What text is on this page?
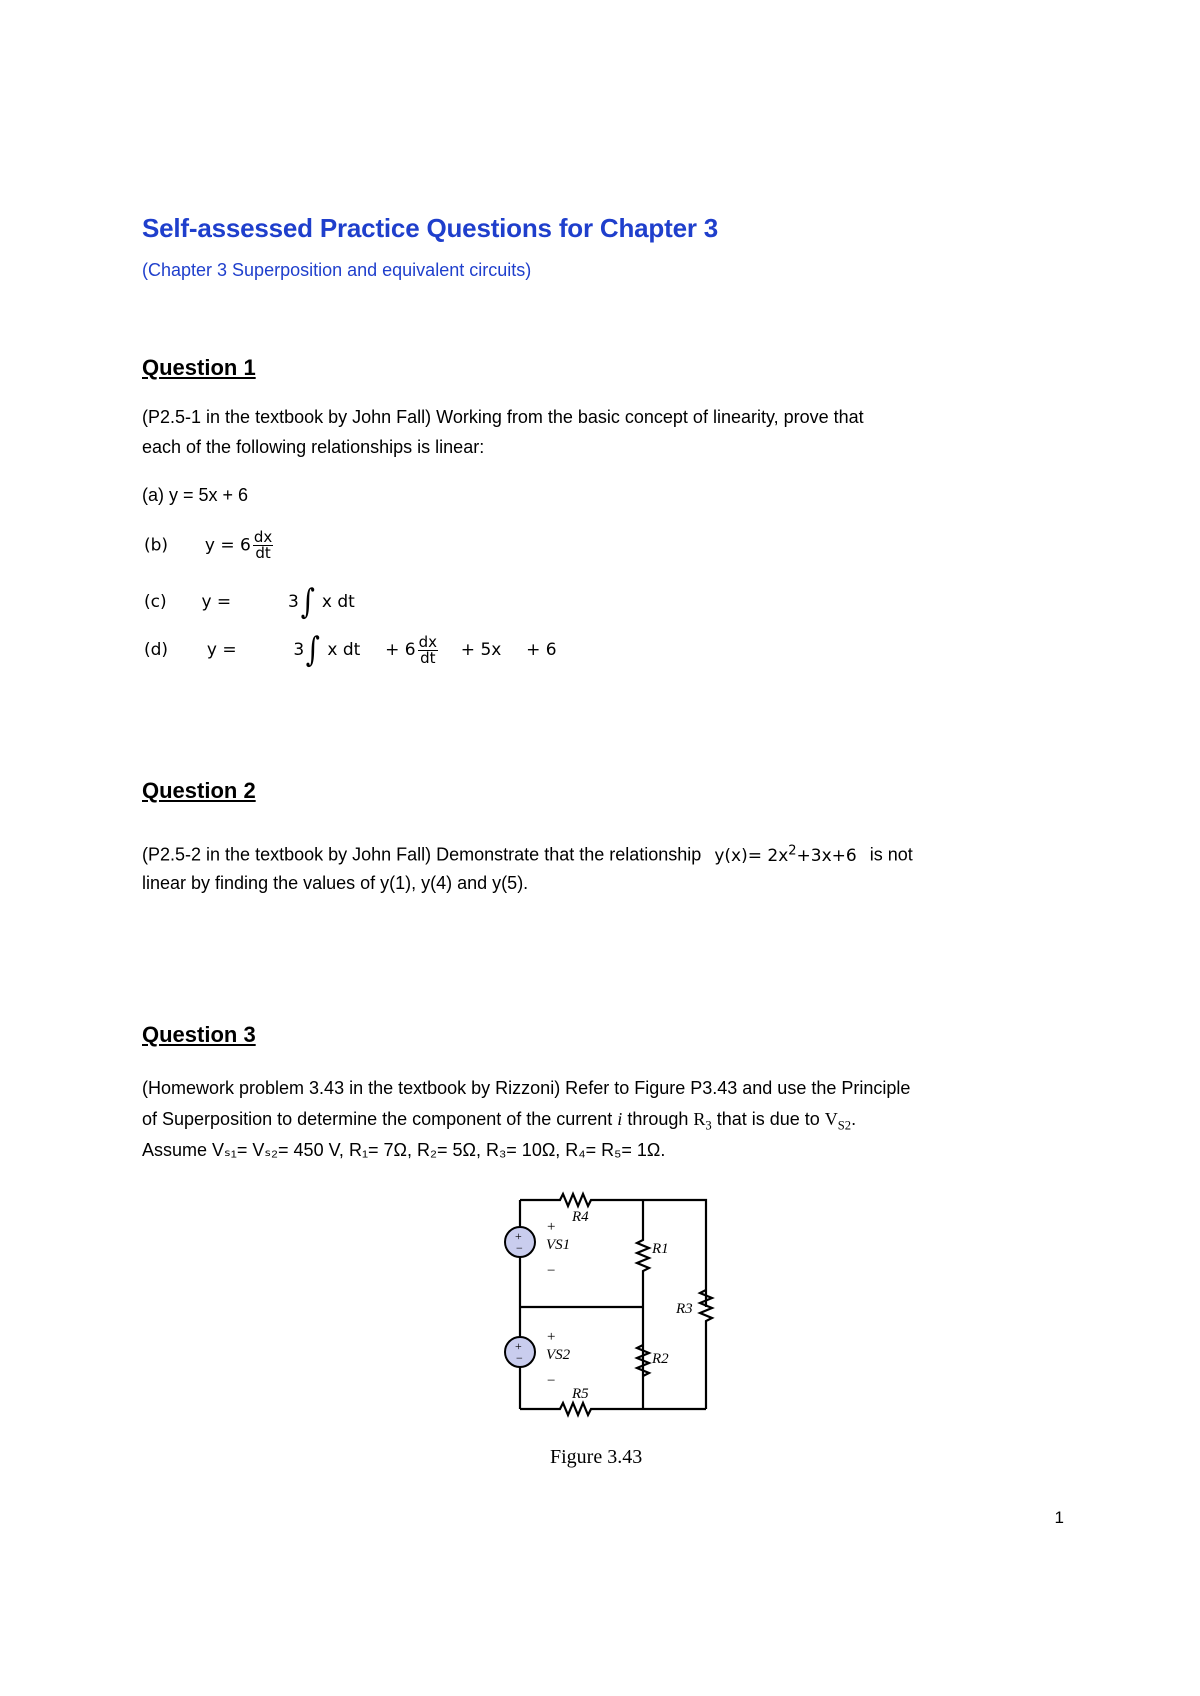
Self-assessed Practice Questions for Chapter 3
(Chapter 3 Superposition and equivalent circuits)
Question 1
(P2.5-1 in the textbook by John Fall) Working from the basic concept of linearity, prove that
each of the following relationships is linear:
(a) y = 5x + 6
(b) $y = 6 \frac{dx}{dt}$
(c) y =	3∫ x dt
(d) y =	3∫ x dt + $6 \frac{dx}{dt} + 5x + 6$
Question 2
(P2.5-2 in the textbook by John Fall) Demonstrate that the relationship $y(x)= 2x^2+3x+6$ is not
linear by finding the values of y(1), y(4) and y(5).
Question 3
(Homework problem 3.43 in the textbook by Rizzoni) Refer to Figure P3.43 and use the Principle
of Superposition to determine the component of the current i through $R_3$ that is due to $V_{S2}$.
Assume Vₛ₁= Vₛ₂= 450 V, R₁= 7Ω, R₂= 5Ω, R₃= 10Ω, R₄= R₅= 1Ω.
+
−
+
−
+
VS1
−
+
VS2
−
R4
R1
R3
R2
R5
Figure 3.43
1
